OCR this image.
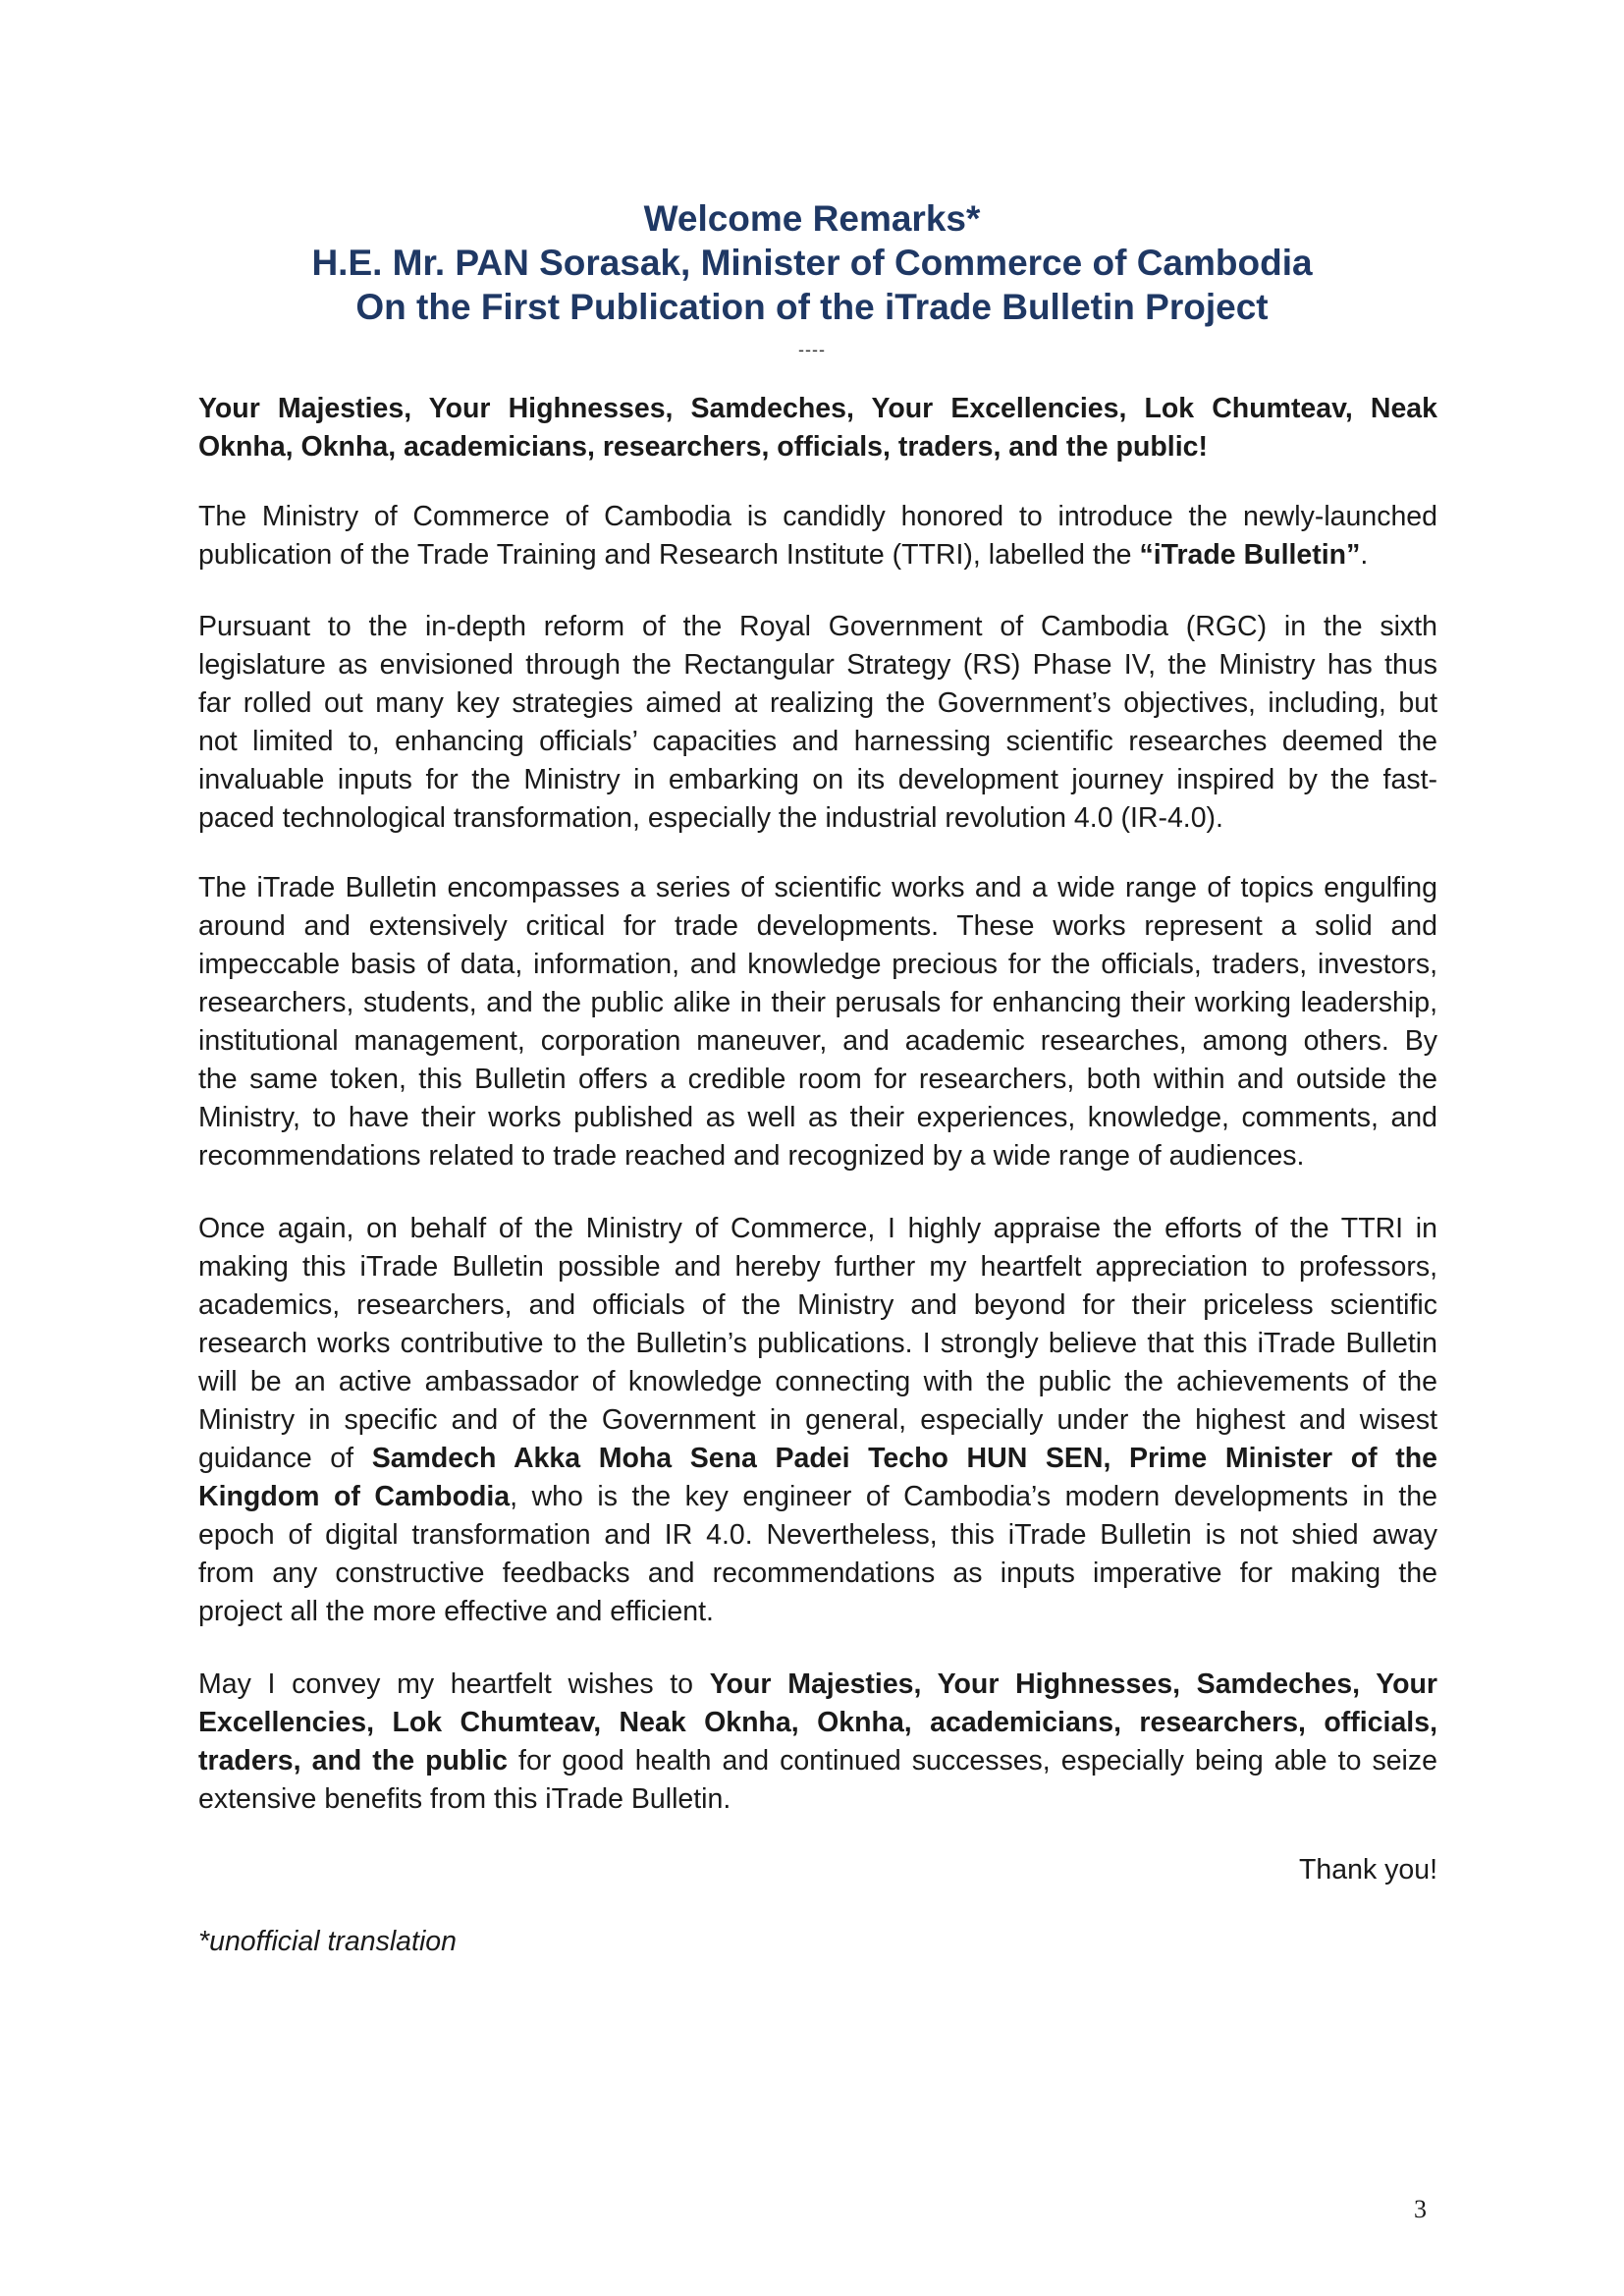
Welcome Remarks*
H.E. Mr. PAN Sorasak, Minister of Commerce of Cambodia
On the First Publication of the iTrade Bulletin Project
----
Your Majesties, Your Highnesses, Samdeches, Your Excellencies, Lok Chumteav, Neak
Oknha, Oknha, academicians, researchers, officials, traders, and the public!
The Ministry of Commerce of Cambodia is candidly honored to introduce the newly-launched
publication of the Trade Training and Research Institute (TTRI), labelled the “iTrade Bulletin”.
Pursuant to the in-depth reform of the Royal Government of Cambodia (RGC) in the sixth
legislature as envisioned through the Rectangular Strategy (RS) Phase IV, the Ministry has thus
far rolled out many key strategies aimed at realizing the Government’s objectives, including, but
not limited to, enhancing officials’ capacities and harnessing scientific researches deemed the
invaluable inputs for the Ministry in embarking on its development journey inspired by the fast-
paced technological transformation, especially the industrial revolution 4.0 (IR-4.0).
The iTrade Bulletin encompasses a series of scientific works and a wide range of topics engulfing
around and extensively critical for trade developments. These works represent a solid and
impeccable basis of data, information, and knowledge precious for the officials, traders, investors,
researchers, students, and the public alike in their perusals for enhancing their working leadership,
institutional management, corporation maneuver, and academic researches, among others. By
the same token, this Bulletin offers a credible room for researchers, both within and outside the
Ministry, to have their works published as well as their experiences, knowledge, comments, and
recommendations related to trade reached and recognized by a wide range of audiences.
Once again, on behalf of the Ministry of Commerce, I highly appraise the efforts of the TTRI in
making this iTrade Bulletin possible and hereby further my heartfelt appreciation to professors,
academics, researchers, and officials of the Ministry and beyond for their priceless scientific
research works contributive to the Bulletin’s publications. I strongly believe that this iTrade Bulletin
will be an active ambassador of knowledge connecting with the public the achievements of the
Ministry in specific and of the Government in general, especially under the highest and wisest
guidance of Samdech Akka Moha Sena Padei Techo HUN SEN, Prime Minister of the
Kingdom of Cambodia, who is the key engineer of Cambodia’s modern developments in the
epoch of digital transformation and IR 4.0. Nevertheless, this iTrade Bulletin is not shied away
from any constructive feedbacks and recommendations as inputs imperative for making the
project all the more effective and efficient.
May I convey my heartfelt wishes to Your Majesties, Your Highnesses, Samdeches, Your
Excellencies, Lok Chumteav, Neak Oknha, Oknha, academicians, researchers, officials,
traders, and the public for good health and continued successes, especially being able to seize
extensive benefits from this iTrade Bulletin.
Thank you!
*unofficial translation
3
